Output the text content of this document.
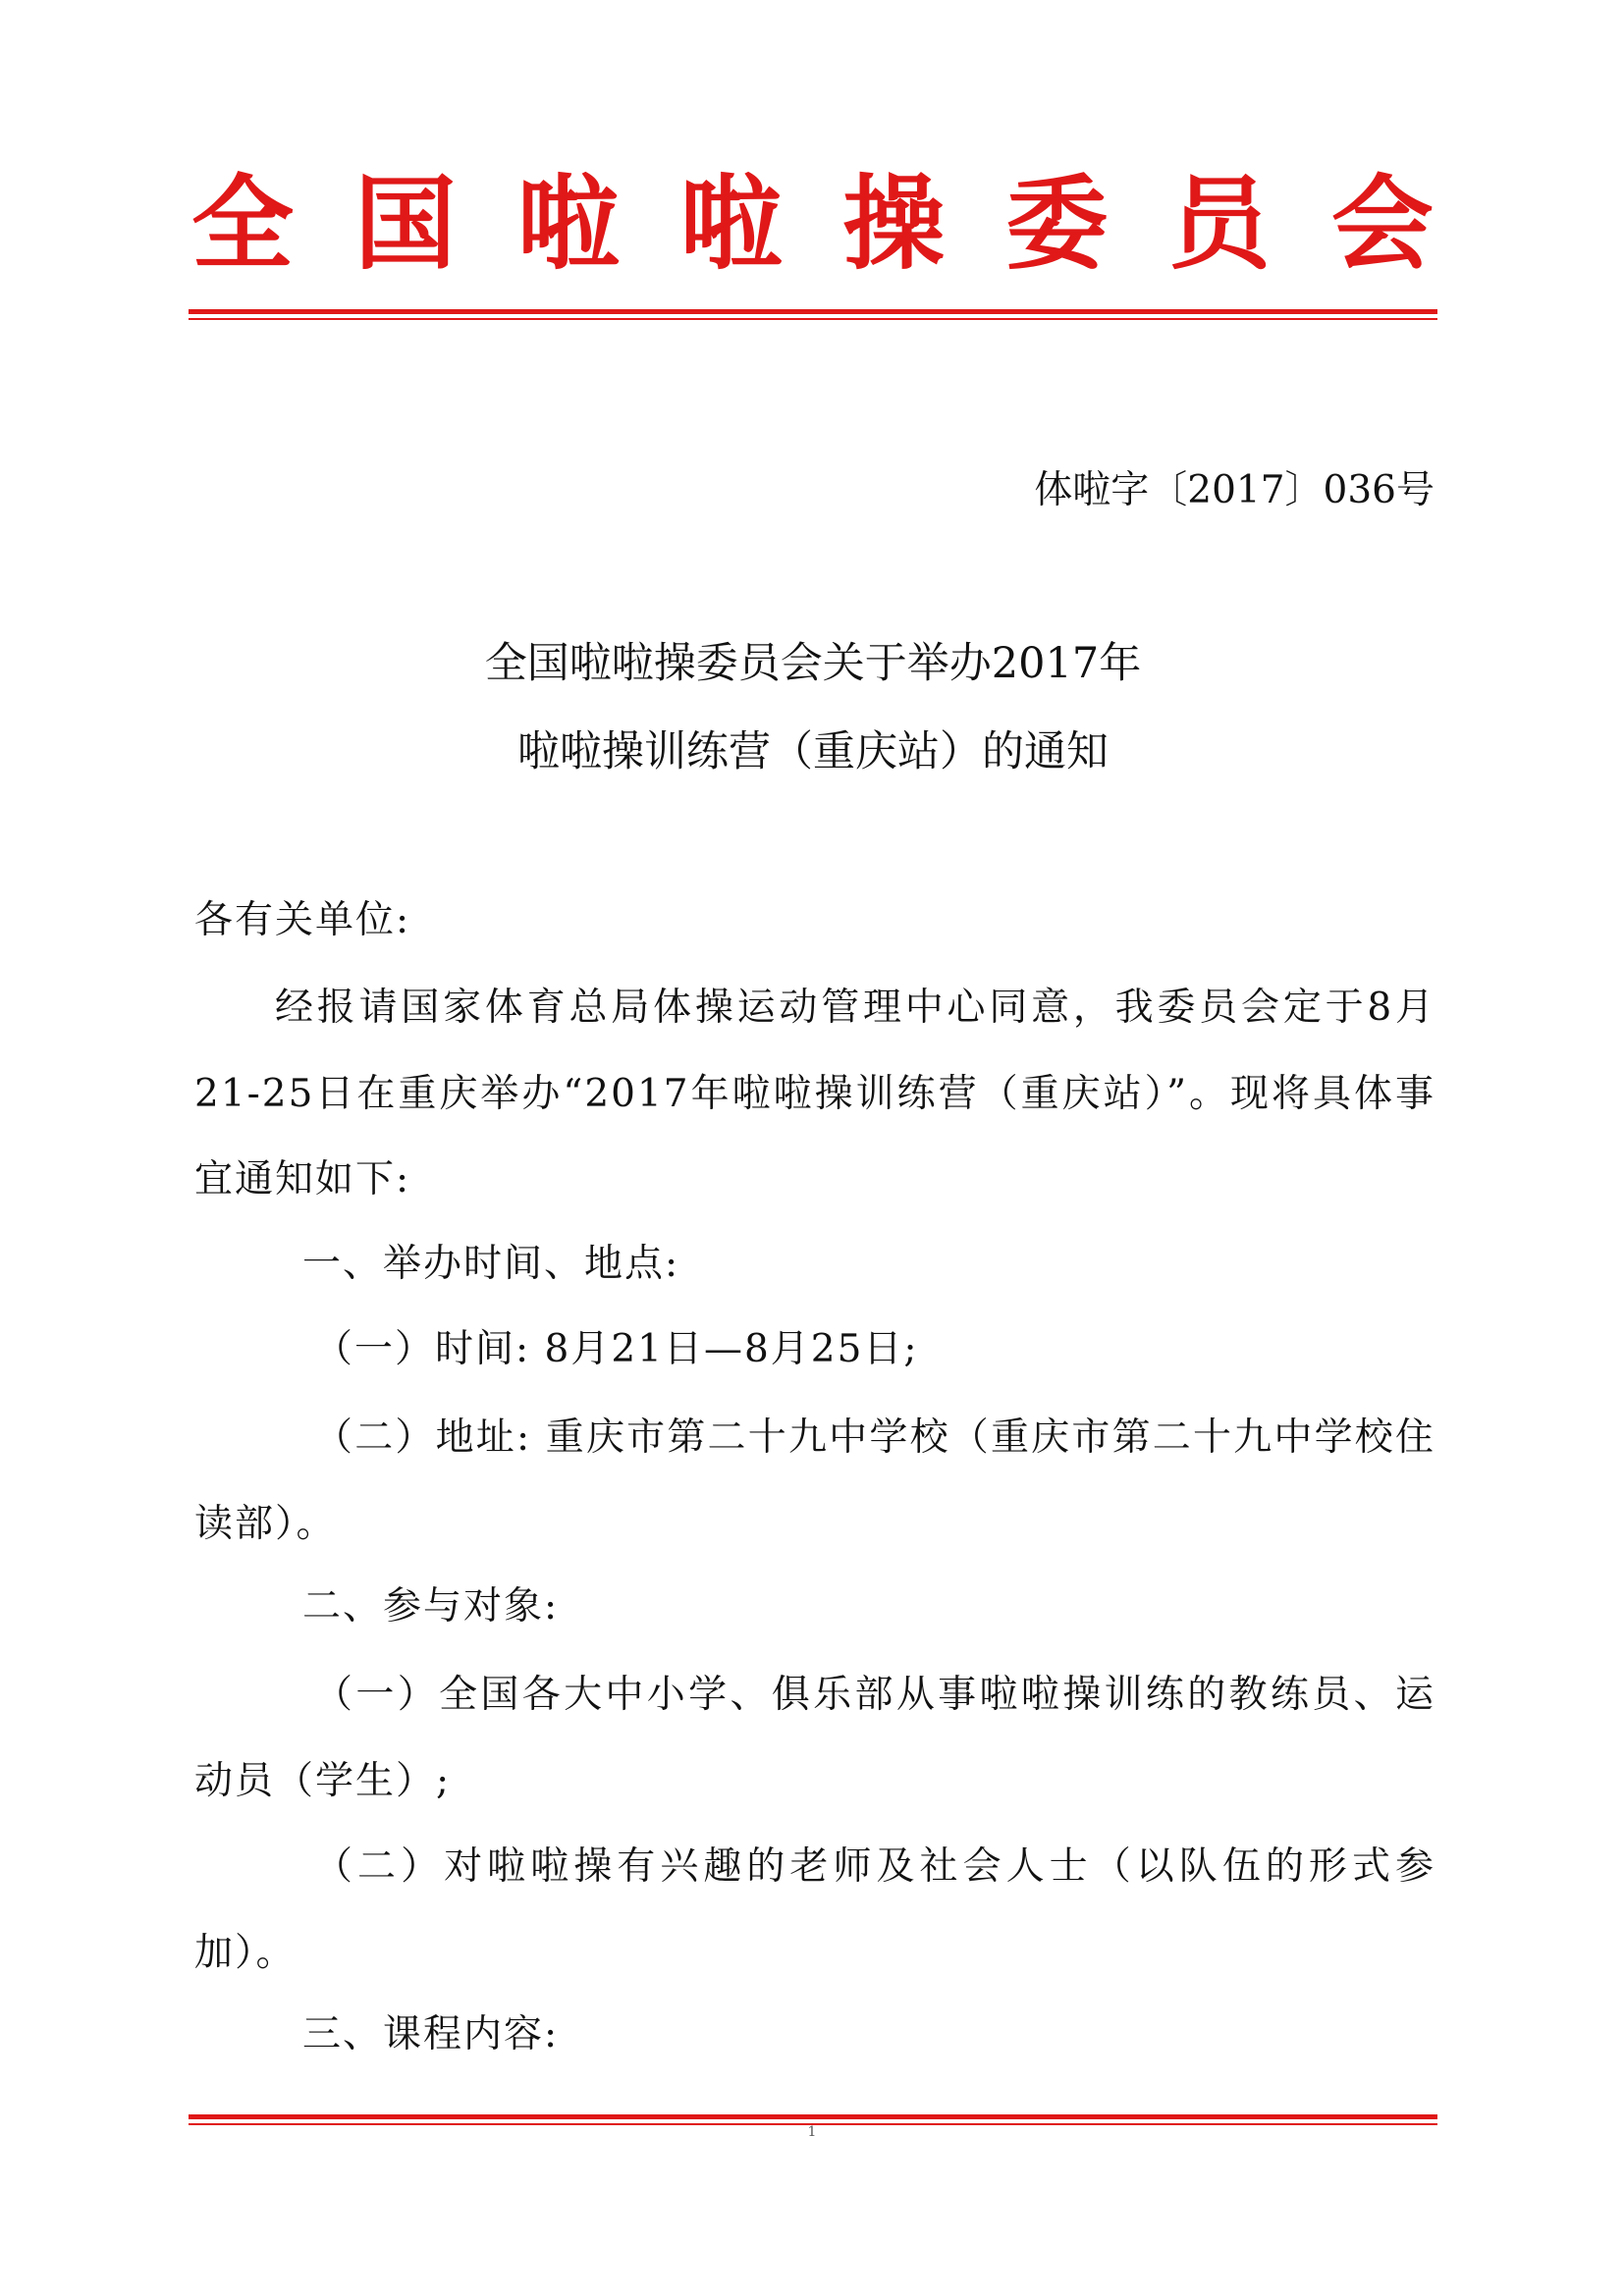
全 国 啦 啦 操 委 员 会
体啦字〔2017〕036号
全国啦啦操委员会关于举办2017年
啦啦操训练营（重庆站）的通知
各有关单位:

经报请国家体育总局体操运动管理中心同意，我委员会定于8月21-25日在重庆举办“2017年啦啦操训练营（重庆站）”。现将具体事宜通知如下:

一、举办时间、地点:
（一）时间: 8月21日—8月25日;

（二）地址: 重庆市第二十九中学校（重庆市第二十九中学校住读部）。

二、参与对象:

（一）全国各大中小学、俱乐部从事啦啦操训练的教练员、运动员（学生）;

（二）对啦啦操有兴趣的老师及社会人士（以队伍的形式参加）。

三、课程内容:
1
